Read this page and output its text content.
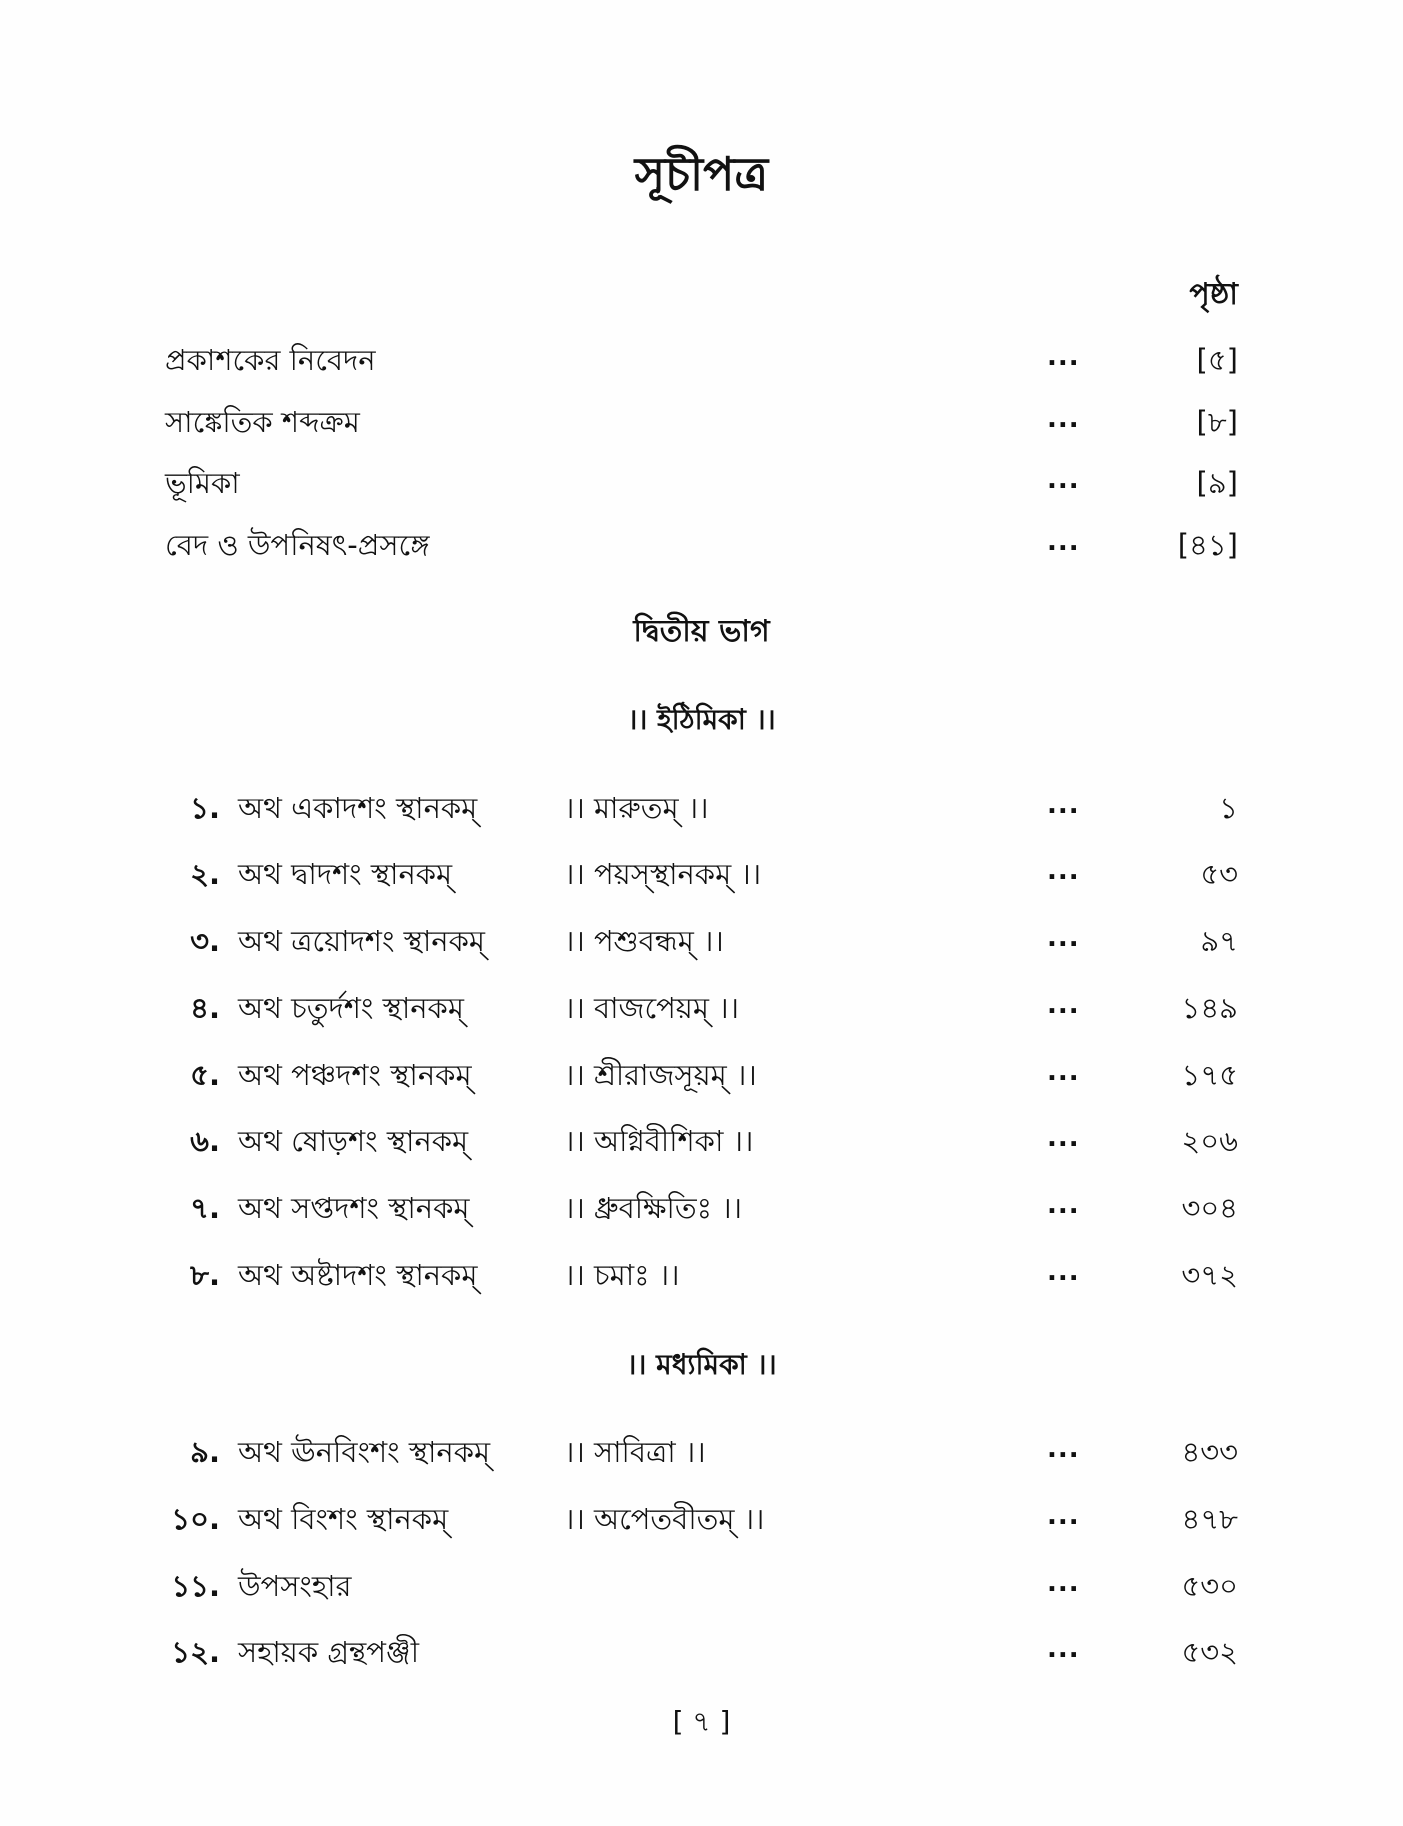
সূচীপত্র
পৃষ্ঠা
প্রকাশকের নিবেদন	...	[৫]
সাঙ্কেতিক শব্দক্রম	...	[৮]
ভূমিকা	...	[৯]
বেদ ও উপনিষৎ-প্রসঙ্গে	...	[৪১]
দ্বিতীয় ভাগ
।। ইঠিমিকা ।।
১. অথ একাদশং স্থানকম্	।। মারুতম্ ।।	...	১
২. অথ দ্বাদশং স্থানকম্	।। পয়স্স্থানকম্ ।।	...	৫৩
৩. অথ ত্রয়োদশং স্থানকম্	।। পশুবন্ধম্ ।।	...	৯৭
৪. অথ চতুর্দশং স্থানকম্	।। বাজপেয়ম্ ।।	...	১৪৯
৫. অথ পঞ্চদশং স্থানকম্	।। শ্রীরাজসূয়ম্ ।।	...	১৭৫
৬. অথ ষোড়শং স্থানকম্	।। অগ্নিবীশিকা ।।	...	২০৬
৭. অথ সপ্তদশং স্থানকম্	।। ধ্রুবক্ষিতিঃ ।।	...	৩০৪
৮. অথ অষ্টাদশং স্থানকম্	।। চমাঃ ।।	...	৩৭২
।। মধ্যমিকা ।।
৯. অথ ঊনবিংশং স্থানকম্	।। সাবিত্রা ।।	...	৪৩৩
১০. অথ বিংশং স্থানকম্	।। অপেতবীতম্ ।।	...	৪৭৮
১১. উপসংহার	...	৫৩০
১২. সহায়ক গ্রন্থপঞ্জী	...	৫৩২
[ ৭ ]
